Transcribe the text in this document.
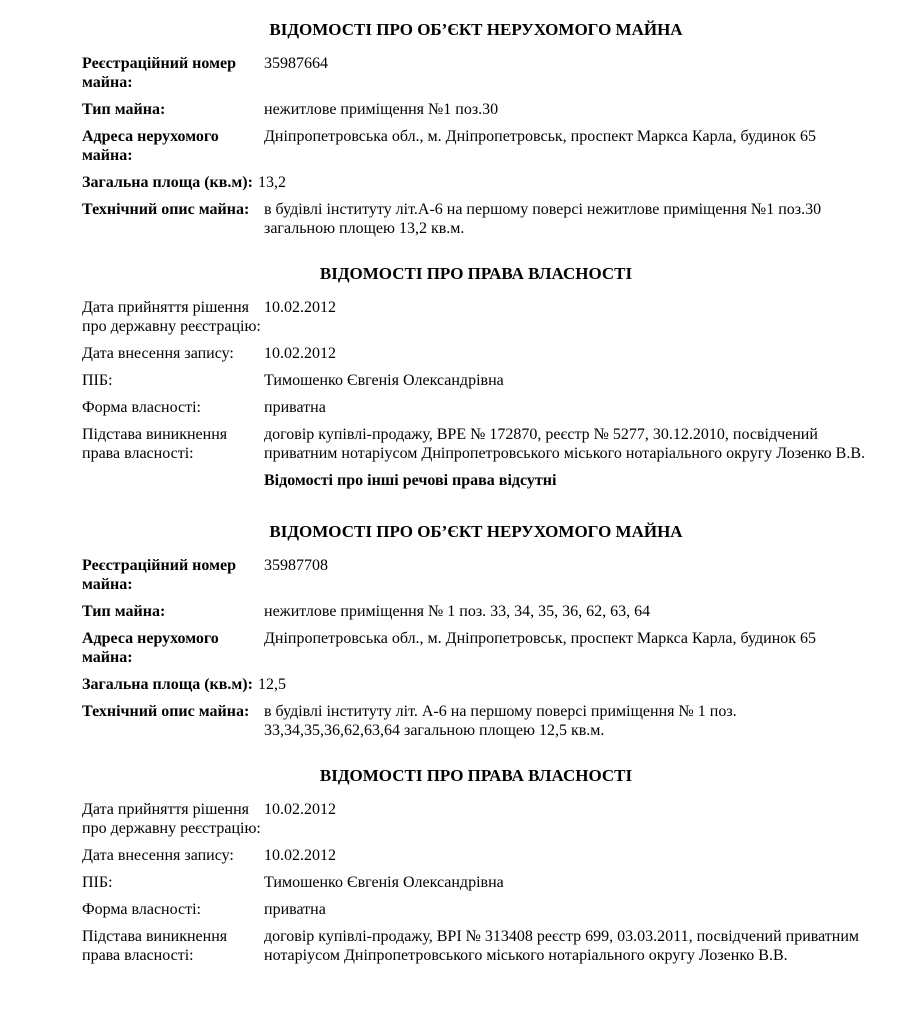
ВІДОМОСТІ ПРО ОБ’ЄКТ НЕРУХОМОГО МАЙНА
Реєстраційний номер майна:	35987664
Тип майна:	нежитлове приміщення №1 поз.30
Адреса нерухомого майна:	Дніпропетровська обл., м. Дніпропетровськ, проспект Маркса Карла, будинок 65
Загальна площа (кв.м): 13,2	
Технічний опис майна:	в будівлі інституту літ.А-6 на першому поверсі нежитлове приміщення №1 поз.30 загальною площею 13,2 кв.м.
ВІДОМОСТІ ПРО ПРАВА ВЛАСНОСТІ
Дата прийняття рішення про державну реєстрацію:	10.02.2012
Дата внесення запису:	10.02.2012
ПІБ:	Тимошенко Євгенія Олександрівна
Форма власності:	приватна
Підстава виникнення права власності:	договір купівлі-продажу, ВРЕ № 172870, реєстр № 5277, 30.12.2010, посвідчений приватним нотаріусом Дніпропетровського міського нотаріального округу Лозенко В.В.
	Відомості про інші речові права відсутні
ВІДОМОСТІ ПРО ОБ’ЄКТ НЕРУХОМОГО МАЙНА
Реєстраційний номер майна:	35987708
Тип майна:	нежитлове приміщення № 1 поз. 33, 34, 35, 36, 62, 63, 64
Адреса нерухомого майна:	Дніпропетровська обл., м. Дніпропетровськ, проспект Маркса Карла, будинок 65
Загальна площа (кв.м): 12,5	
Технічний опис майна:	в будівлі інституту літ. А-6 на першому поверсі приміщення № 1 поз. 33,34,35,36,62,63,64 загальною площею 12,5 кв.м.
ВІДОМОСТІ ПРО ПРАВА ВЛАСНОСТІ
Дата прийняття рішення про державну реєстрацію:	10.02.2012
Дата внесення запису:	10.02.2012
ПІБ:	Тимошенко Євгенія Олександрівна
Форма власності:	приватна
Підстава виникнення права власності:	договір купівлі-продажу, ВРІ № 313408 реєстр 699, 03.03.2011, посвідчений приватним нотаріусом Дніпропетровського міського нотаріального округу Лозенко В.В.
